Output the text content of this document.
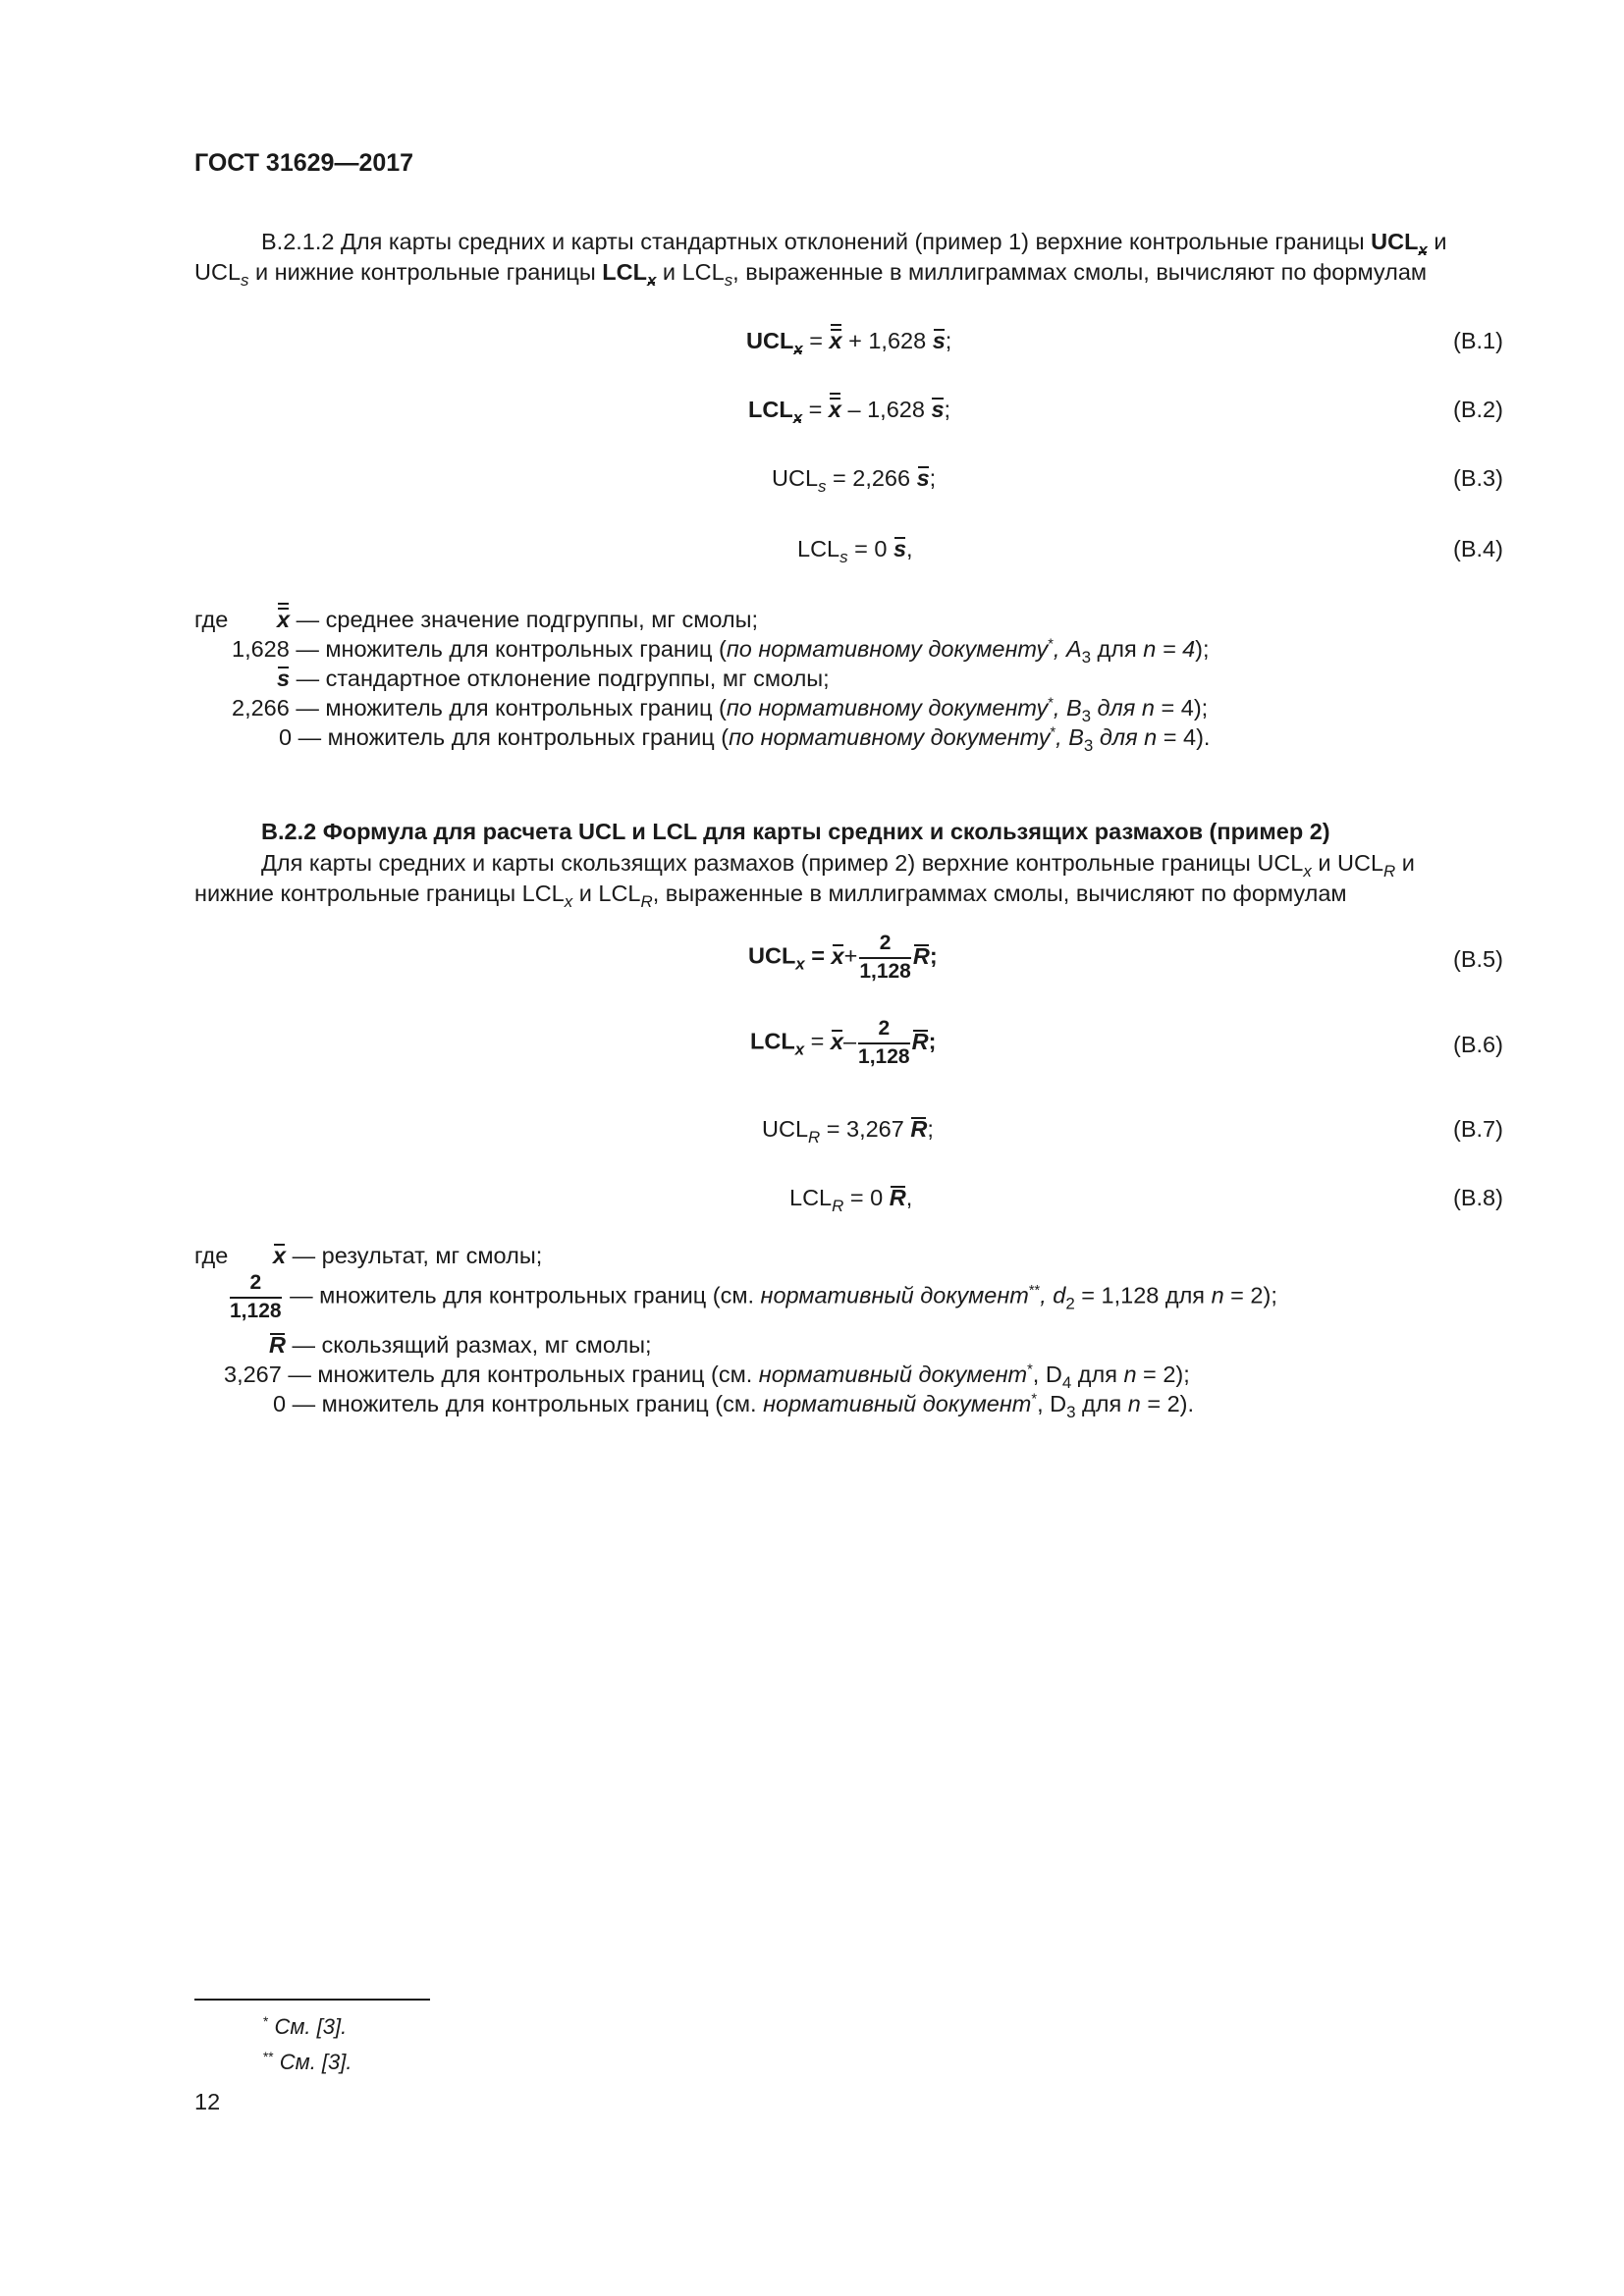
ГОСТ 31629—2017
В.2.1.2 Для карты средних и карты стандартных отклонений (пример 1) верхние контрольные границы $UCL_x$ и
$UCL_s$ и нижние контрольные границы $LCL_x$ и $LCL_s$, выраженные в миллиграммах смолы, вычисляют по формулам
$UCL_x = x + 1,628$ s;	(В.1)
$LCL_x = x - 1,628$ s;	(В.2)
$UCL_s = 2,266$ s;	(В.3)
$LCL_s = 0$ s,	(В.4)
где x — среднее значение подгруппы, мг смолы;
1,628 — множитель для контрольных границ (по нормативному документу*, $A_3$ для n = 4);
s — стандартное отклонение подгруппы, мг смолы;
2,266 — множитель для контрольных границ (по нормативному документу*, $B_3$ для n = 4);
0 — множитель для контрольных границ (по нормативному документу*, $B_3$ для n = 4).
В.2.2 Формула для расчета UCL и LCL для карты средних и скользящих размахов (пример 2)
Для карты средних и карты скользящих размахов (пример 2) верхние контрольные границы $UCL_x$ и $UCL_R$ и
нижние контрольные границы $LCL_x$ и $LCL_R$, выраженные в миллиграммах смолы, вычисляют по формулам
$UCL_x = x+ \frac{2}{1,128} R$;	(В.5)
$LCL_x = x- \frac{2}{1,128} R$;	(В.6)
$UCL_R = 3,267$ R;	(В.7)
$LCL_R = 0$ R,	(В.8)
где x — результат, мг смолы;
$\frac{2}{1,128}$ — множитель для контрольных границ (см. нормативный документ**, $d_2 = 1,128$ для n = 2);
R — скользящий размах, мг смолы;
3,267 — множитель для контрольных границ (см. нормативный документ*, $D_4$ для n = 2);
0 — множитель для контрольных границ (см. нормативный документ*, $D_3$ для n = 2).
* См. [3].
** См. [3].
12
